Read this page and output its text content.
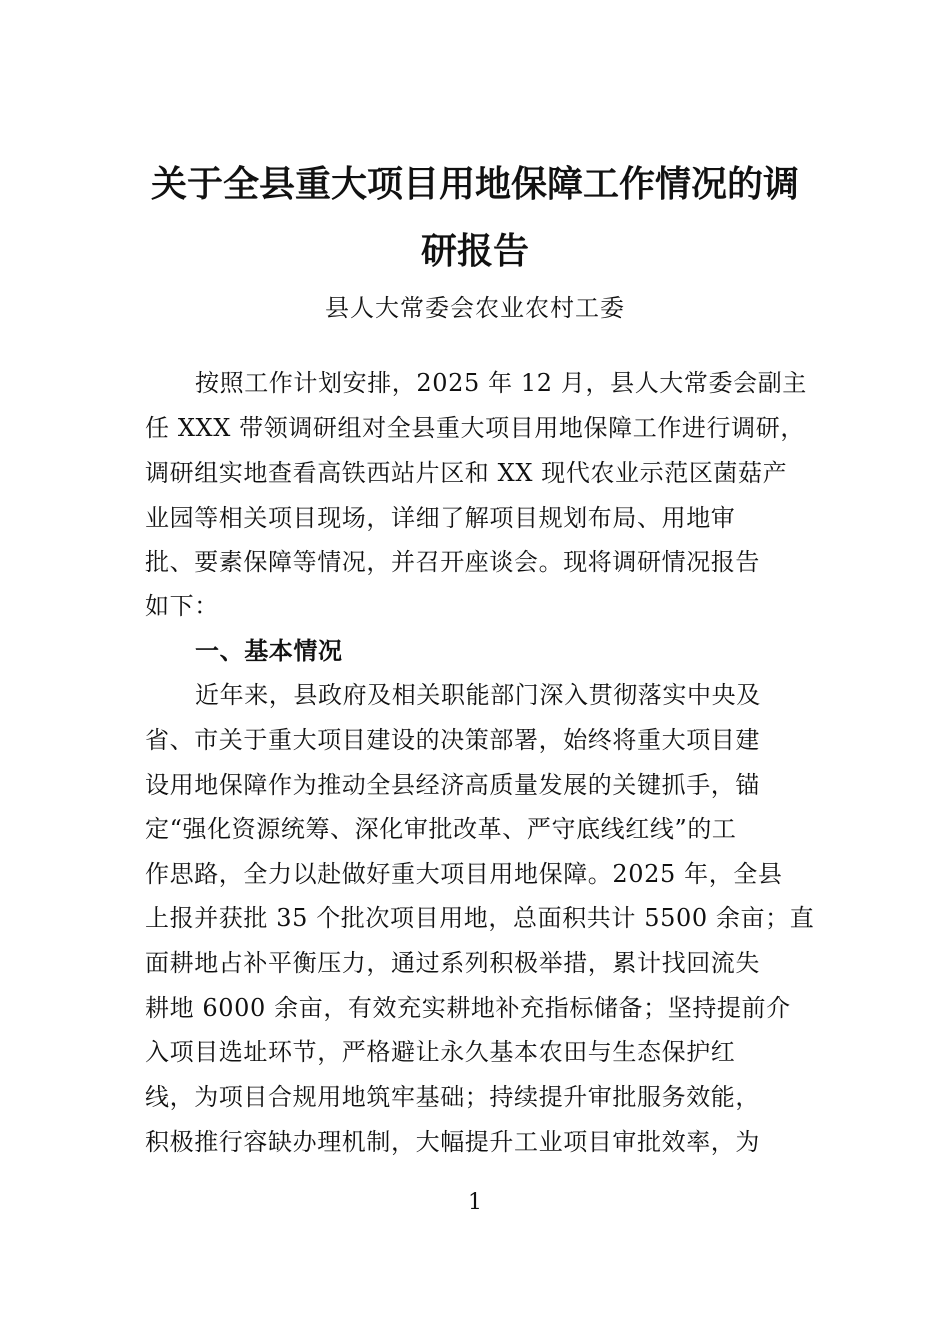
关于全县重大项目用地保障工作情况的调
研报告
县人大常委会农业农村工委
按照工作计划安排，2025 年 12 月，县人大常委会副主
任 XXX 带领调研组对全县重大项目用地保障工作进行调研，
调研组实地查看高铁西站片区和 XX 现代农业示范区菌菇产
业园等相关项目现场，详细了解项目规划布局、用地审
批、要素保障等情况，并召开座谈会。现将调研情况报告
如下：
一、基本情况
近年来，县政府及相关职能部门深入贯彻落实中央及
省、市关于重大项目建设的决策部署，始终将重大项目建
设用地保障作为推动全县经济高质量发展的关键抓手，锚
定“强化资源统筹、深化审批改革、严守底线红线”的工
作思路，全力以赴做好重大项目用地保障。2025 年，全县
上报并获批 35 个批次项目用地，总面积共计 5500 余亩；直
面耕地占补平衡压力，通过系列积极举措，累计找回流失
耕地 6000 余亩，有效充实耕地补充指标储备；坚持提前介
入项目选址环节，严格避让永久基本农田与生态保护红
线，为项目合规用地筑牢基础；持续提升审批服务效能，
积极推行容缺办理机制，大幅提升工业项目审批效率，为
1
